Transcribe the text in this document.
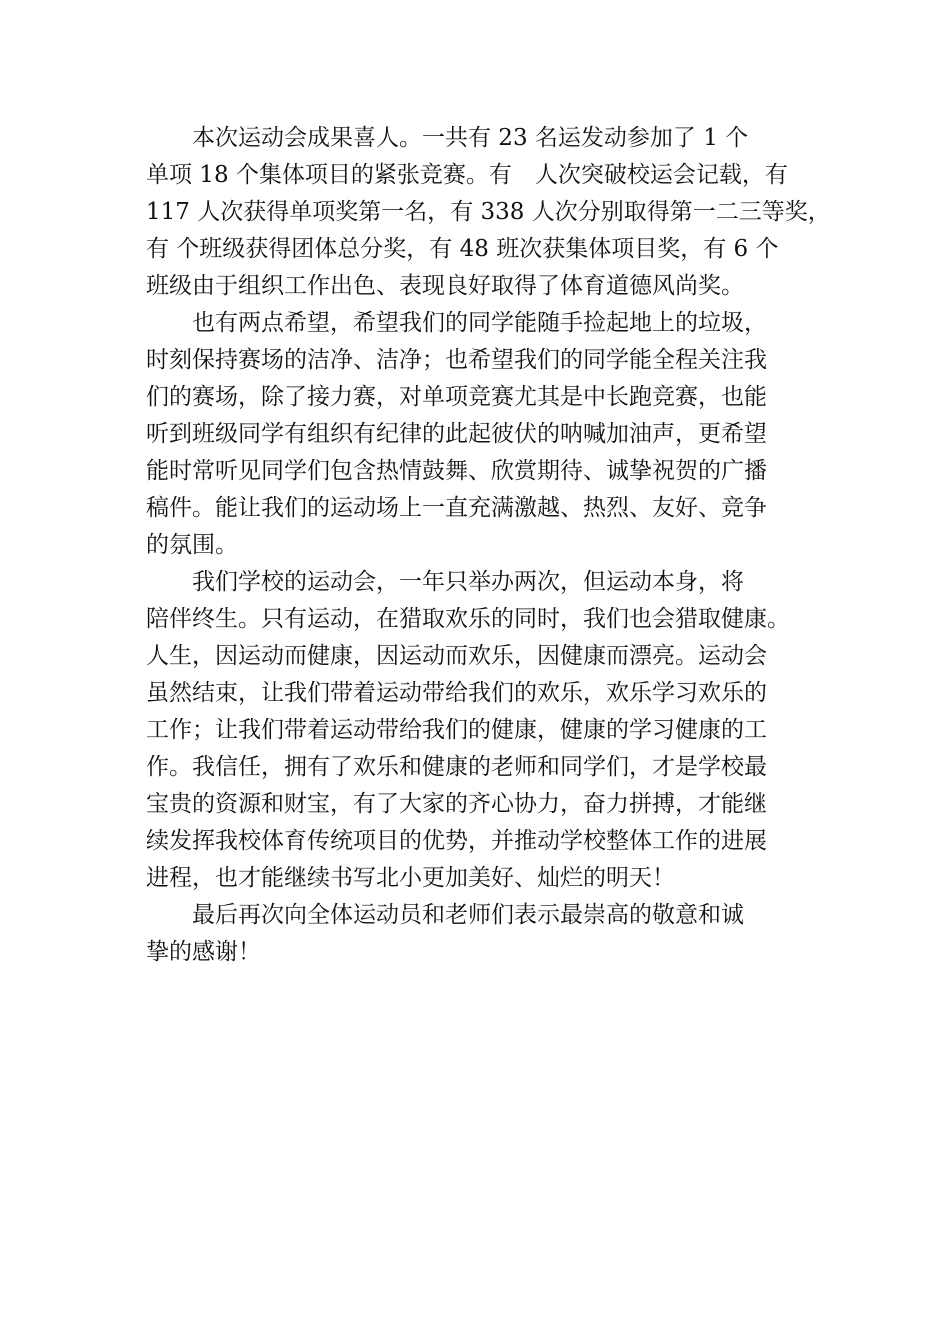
　　本次运动会成果喜人。一共有 23 名运发动参加了 1 个
单项 18 个集体项目的紧张竞赛。有　人次突破校运会记载，有
117 人次获得单项奖第一名，有 338 人次分别取得第一二三等奖，
有 个班级获得团体总分奖，有 48 班次获集体项目奖，有 6 个
班级由于组织工作出色、表现良好取得了体育道德风尚奖。
　　也有两点希望，希望我们的同学能随手捡起地上的垃圾，
时刻保持赛场的洁净、洁净；也希望我们的同学能全程关注我
们的赛场，除了接力赛，对单项竞赛尤其是中长跑竞赛，也能
听到班级同学有组织有纪律的此起彼伏的呐喊加油声，更希望
能时常听见同学们包含热情鼓舞、欣赏期待、诚挚祝贺的广播
稿件。能让我们的运动场上一直充满激越、热烈、友好、竞争
的氛围。
　　我们学校的运动会，一年只举办两次，但运动本身，将
陪伴终生。只有运动，在猎取欢乐的同时，我们也会猎取健康。
人生，因运动而健康，因运动而欢乐，因健康而漂亮。运动会
虽然结束，让我们带着运动带给我们的欢乐，欢乐学习欢乐的
工作；让我们带着运动带给我们的健康，健康的学习健康的工
作。我信任，拥有了欢乐和健康的老师和同学们，才是学校最
宝贵的资源和财宝，有了大家的齐心协力，奋力拼搏，才能继
续发挥我校体育传统项目的优势，并推动学校整体工作的进展
进程，也才能继续书写北小更加美好、灿烂的明天！
　　最后再次向全体运动员和老师们表示最崇高的敬意和诚
挚的感谢！
